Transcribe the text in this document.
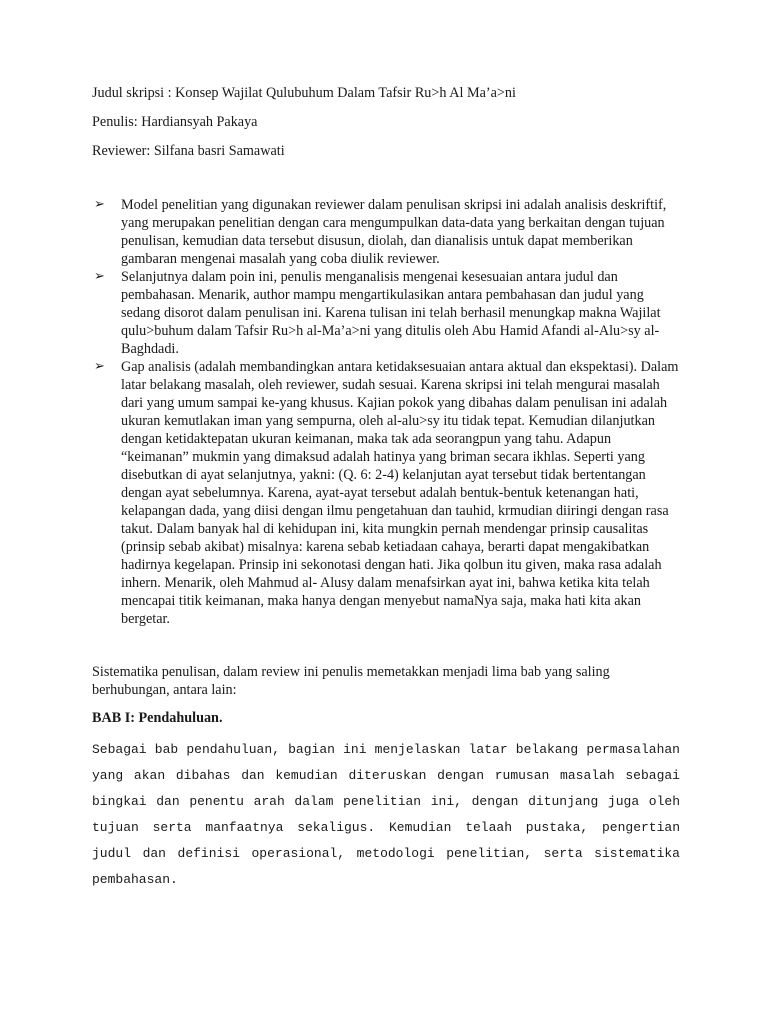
Judul skripsi : Konsep Wajilat Qulubuhum Dalam Tafsir Ru>h Al Ma’a>ni

Penulis: Hardiansyah Pakaya

Reviewer: Silfana basri Samawati

➢ Model penelitian yang digunakan reviewer dalam penulisan skripsi ini adalah analisis deskriftif, yang merupakan penelitian dengan cara mengumpulkan data-data yang berkaitan dengan tujuan penulisan, kemudian data tersebut disusun, diolah, dan dianalisis untuk dapat memberikan gambaran mengenai masalah yang coba diulik reviewer.
➢ Selanjutnya dalam poin ini, penulis menganalisis mengenai kesesuaian antara judul dan pembahasan. Menarik, author mampu mengartikulasikan antara pembahasan dan judul yang sedang disorot dalam penulisan ini. Karena tulisan ini telah berhasil menungkap makna Wajilat qulu>buhum dalam Tafsir Ru>h al-Ma’a>ni yang ditulis oleh Abu Hamid Afandi al-Alu>sy al-Baghdadi.
➢ Gap analisis (adalah membandingkan antara ketidaksesuaian antara aktual dan ekspektasi). Dalam latar belakang masalah, oleh reviewer, sudah sesuai. Karena skripsi ini telah mengurai masalah dari yang umum sampai ke-yang khusus. Kajian pokok yang dibahas dalam penulisan ini adalah ukuran kemutlakan iman yang sempurna, oleh al-alu>sy itu tidak tepat. Kemudian dilanjutkan dengan ketidaktepatan ukuran keimanan, maka tak ada seorangpun yang tahu. Adapun “keimanan” mukmin yang dimaksud adalah hatinya yang briman secara ikhlas. Seperti yang disebutkan di ayat selanjutnya, yakni: (Q. 6: 2-4) kelanjutan ayat tersebut tidak bertentangan dengan ayat sebelumnya. Karena, ayat-ayat tersebut adalah bentuk-bentuk ketenangan hati, kelapangan dada, yang diisi dengan ilmu pengetahuan dan tauhid, krmudian diiringi dengan rasa takut. Dalam banyak hal di kehidupan ini, kita mungkin pernah mendengar prinsip causalitas (prinsip sebab akibat) misalnya: karena sebab ketiadaan cahaya, berarti dapat mengakibatkan hadirnya kegelapan. Prinsip ini sekonotasi dengan hati. Jika qolbun itu given, maka rasa adalah inhern. Menarik, oleh Mahmud al- Alusy dalam menafsirkan ayat ini, bahwa ketika kita telah mencapai titik keimanan, maka hanya dengan menyebut namaNya saja, maka hati kita akan bergetar.

Sistematika penulisan, dalam review ini penulis memetakkan menjadi lima bab yang saling berhubungan, antara lain:

BAB I: Pendahuluan.

Sebagai bab pendahuluan, bagian ini menjelaskan latar belakang permasalahan yang akan dibahas dan kemudian diteruskan dengan rumusan masalah sebagai bingkai dan penentu arah dalam penelitian ini, dengan ditunjang juga oleh tujuan serta manfaatnya sekaligus. Kemudian telaah pustaka, pengertian judul dan definisi operasional, metodologi penelitian, serta sistematika pembahasan.
